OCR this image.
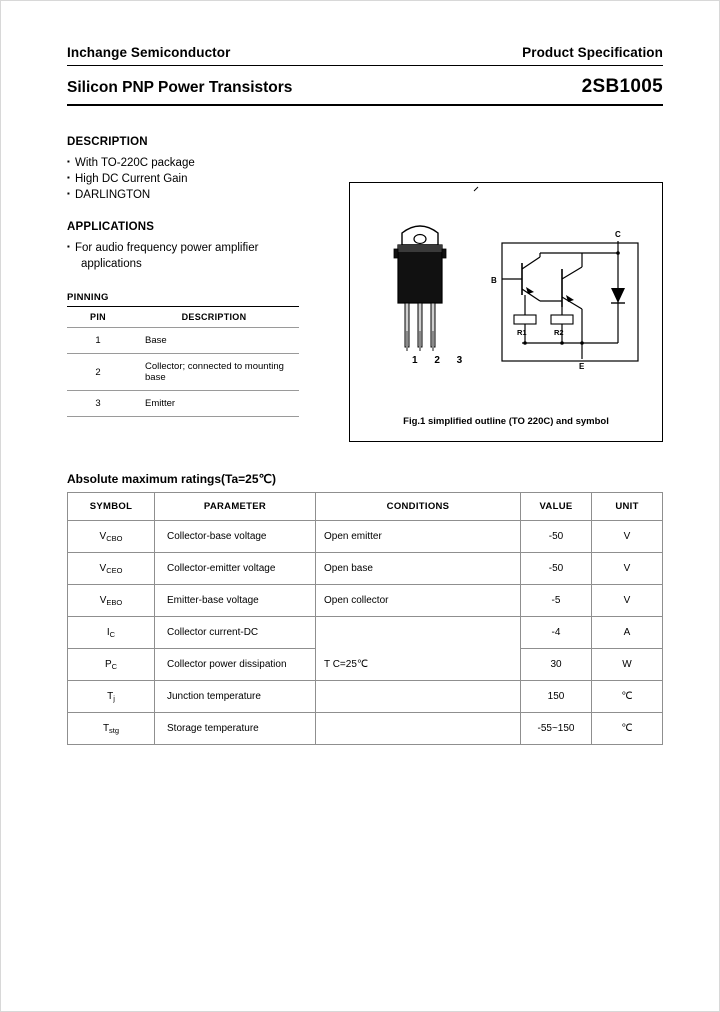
Inchange Semiconductor	Product Specification
Silicon PNP Power Transistors	2SB1005
DESCRIPTION
▪ With TO-220C package
▪ High DC Current Gain
▪ DARLINGTON
APPLICATIONS
▪ For audio frequency power amplifier
applications
PINNING
PIN	DESCRIPTION
1	Base
2	Collector; connected to mounting base
3	Emitter
B
R1	R2
C
E
1 2 3
Fig.1 simplified outline (TO 220C) and symbol
Absolute maximum ratings(Ta=25℃)
SYMBOL	PARAMETER	CONDITIONS	VALUE	UNIT
$V_{CBO}$	Collector-base voltage	Open emitter	-50	V
$V_{CEO}$	Collector-emitter voltage	Open base	-50	V
$V_{EBO}$	Emitter-base voltage	Open collector	-5	V
$I_C$	Collector current-DC		-4	A
$P_C$	Collector power dissipation	T C=25℃	30	W
$T_j$	Junction temperature		150	℃
$T_{stg}$	Storage temperature		-55~150	℃
